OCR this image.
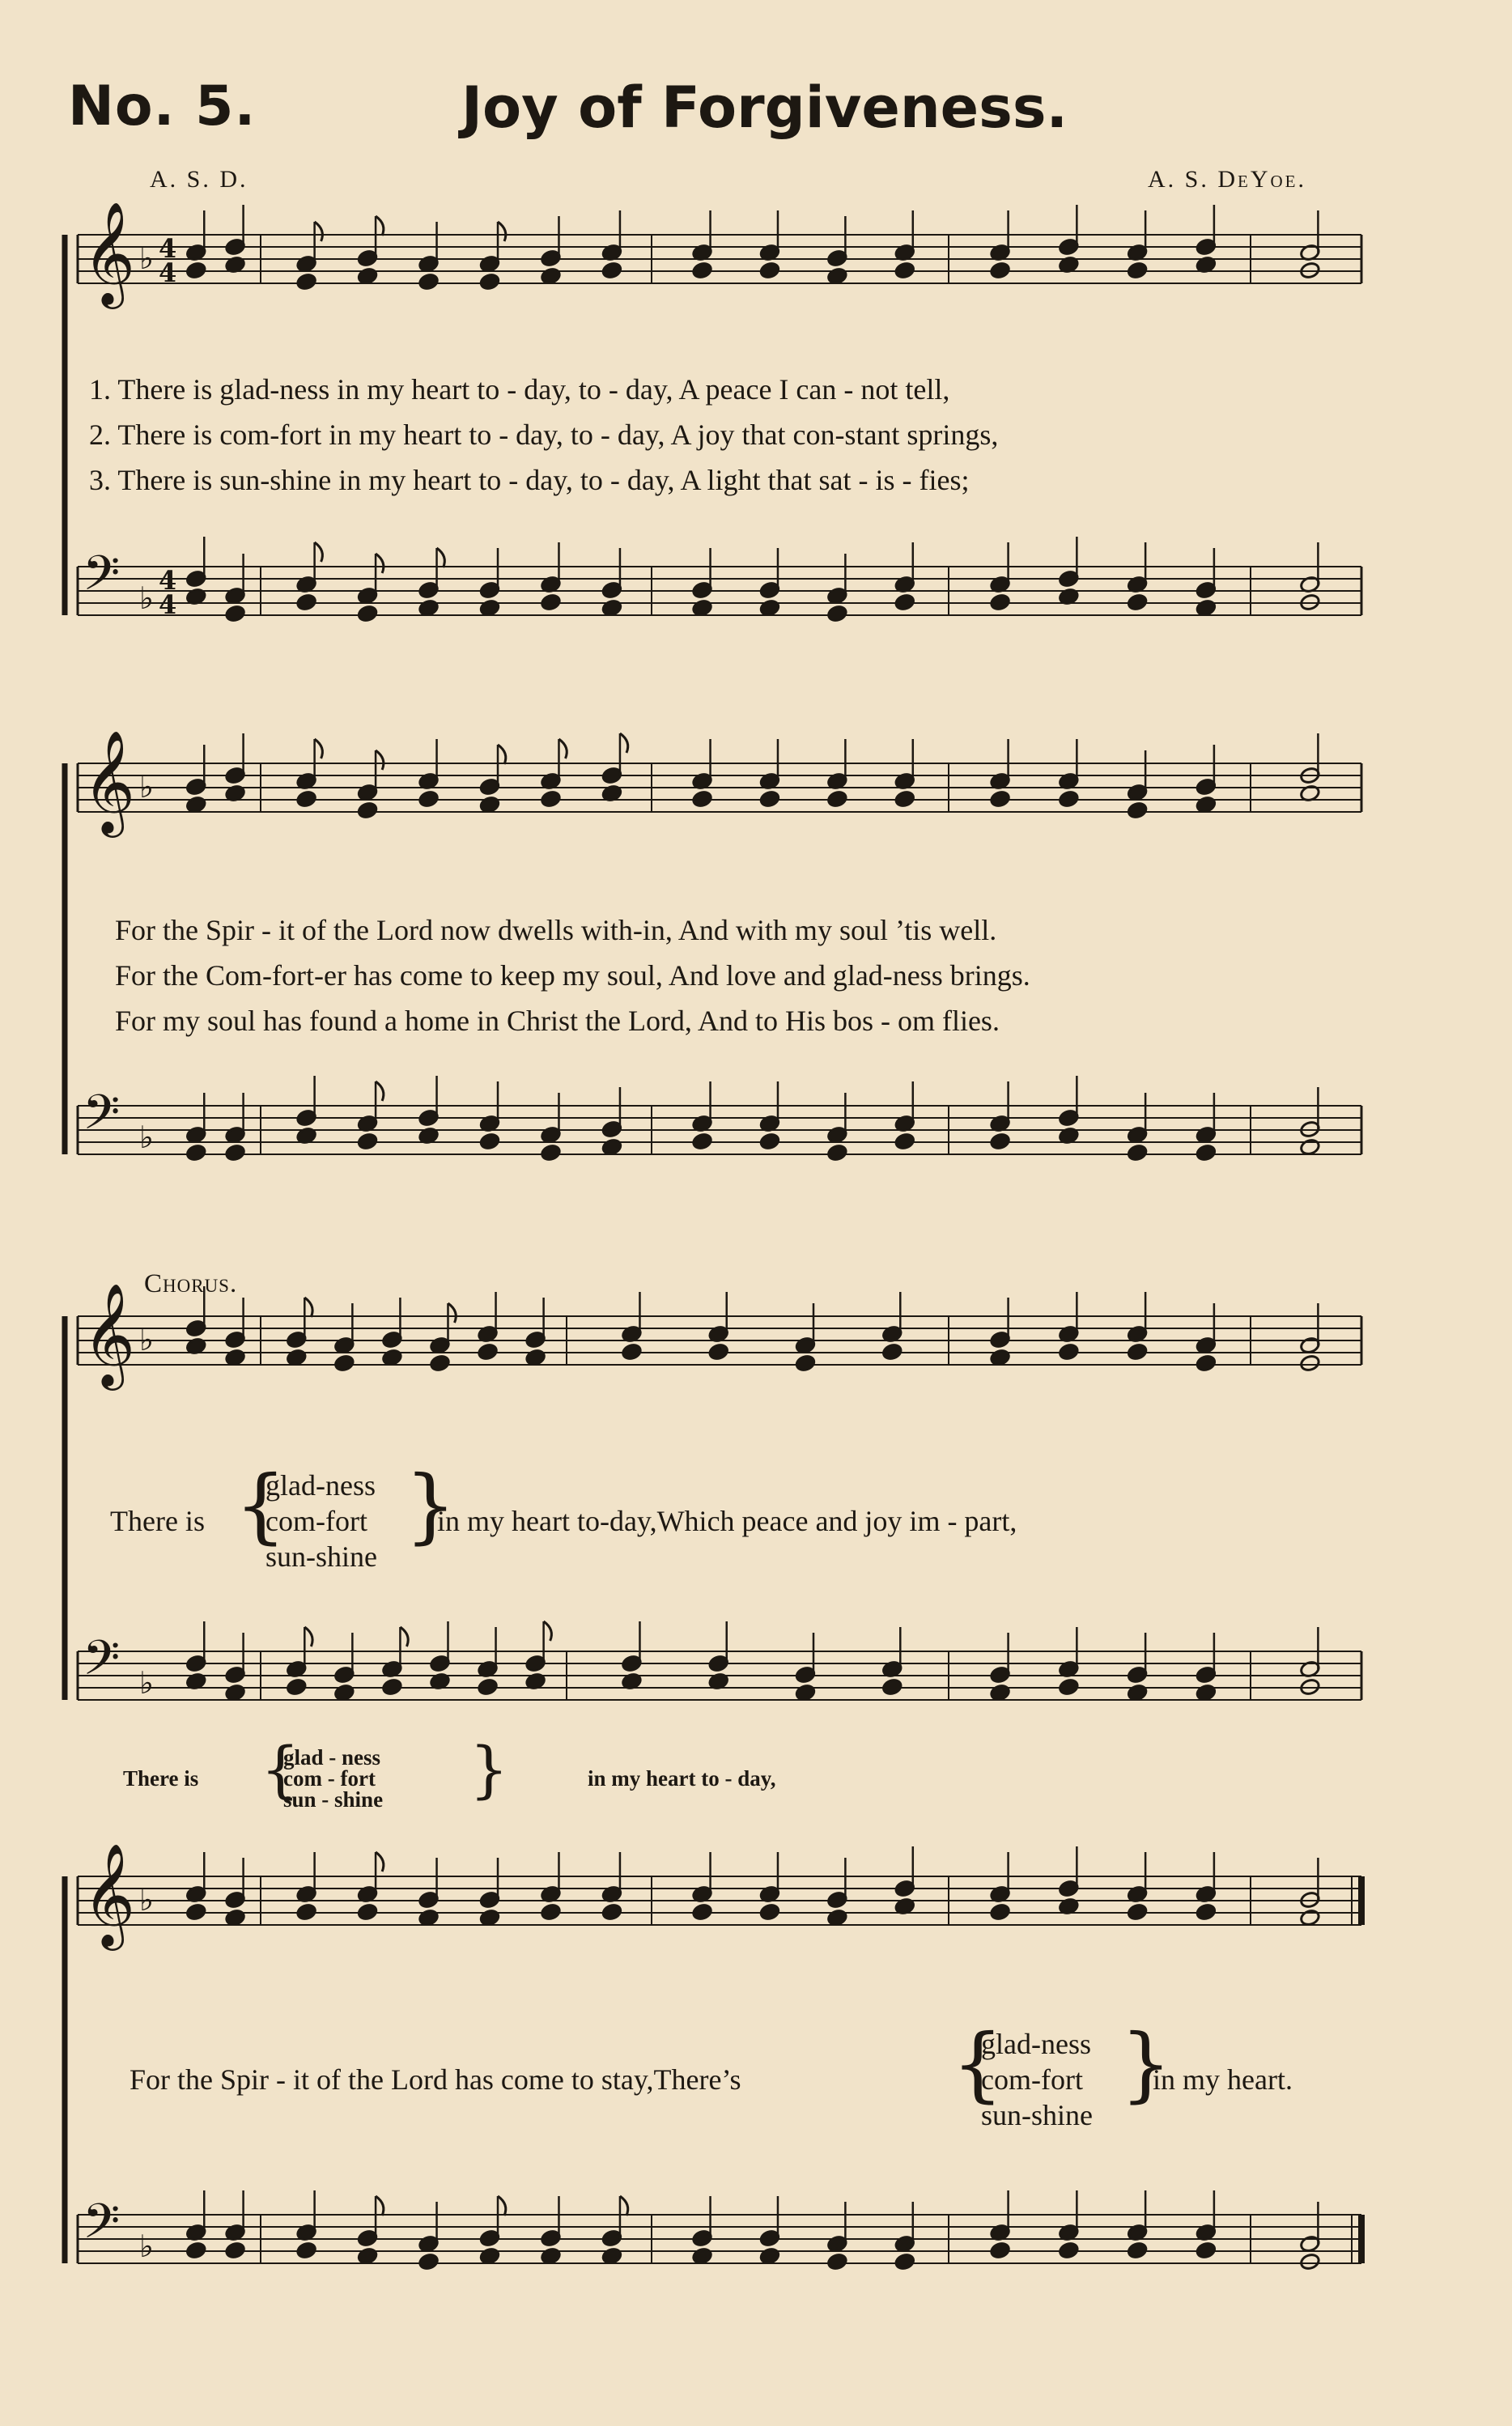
No. 5.	Joy of Forgiveness.
A. S. D.	A. S. DeYoe.
𝄞 ♭
𝄢 ♭
𝄞 ♭
𝄢 ♭
𝄞 ♭
𝄢 ♭
𝄞 ♭
𝄢 ♭
4
4
4
4
1. There is glad-ness in my heart to - day, to - day, A peace I can - not tell,
2. There is com-fort in my heart to - day, to - day, A joy that con-stant springs,
3. There is sun-shine in my heart to - day, to - day, A light that sat - is - fies;
For the Spir - it of the Lord now dwells with-in, And with my soul ’tis well.
For the Com-fort-er has come to keep my soul, And love and glad-ness brings.
For my soul has found a home in Christ the Lord, And to His bos - om flies.
Chorus.
There is {
glad-ness
com-fort
sun-shine
}
in my heart to-day,Which peace and joy im - part,
There is {
glad - ness
com - fort
sun - shine }	in my heart to - day,
For the Spir - it of the Lord has come to stay,There’s	{
glad-ness
com-fort
sun-shine
}
in my heart.
